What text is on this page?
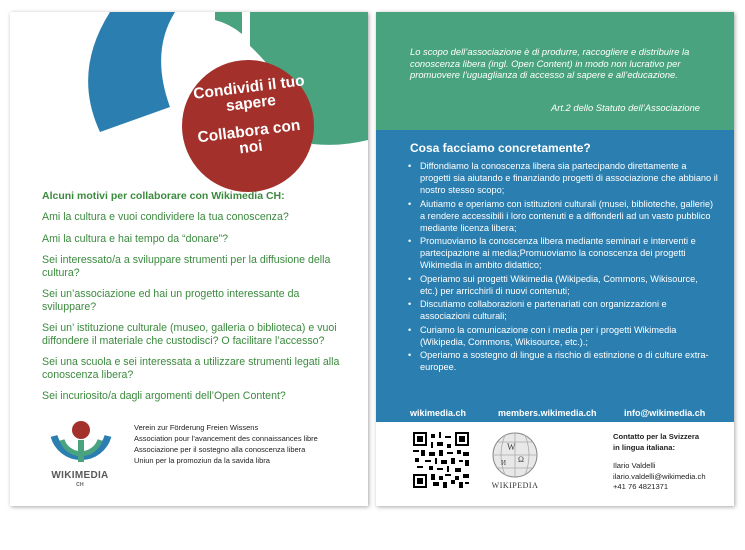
Condividi il tuo sapere
Collabora con noi
Alcuni motivi per collaborare con Wikimedia CH:
Ami la cultura e vuoi condividere la tua conoscenza?
Ami la cultura e hai tempo da “donare”?
Sei interessato/a a sviluppare strumenti per la diffusione della cultura?
Sei un’associazione ed hai un progetto interessante da sviluppare?
Sei un’ istituzione culturale (museo, galleria o biblioteca) e vuoi diffondere il materiale che custodisci? O facilitare l’accesso?
Sei una scuola e sei interessata a utilizzare strumenti legati alla conoscenza libera?
Sei incuriosito/a dagli argomenti dell’Open Content?
WIKIMEDIA
CH
Verein zur Förderung Freien Wissens
Association pour l’avancement des connaissances libre
Associazione per il sostegno alla conoscenza libera
Uniun per la promoziun da la savida libra
Lo scopo dell’associazione è di produrre, raccogliere e distribuire la conoscenza libera (ingl. Open Content) in modo non lucrativo per promuovere l’uguaglianza di accesso al sapere e all’educazione.
Art.2 dello Statuto dell’Associazione
Cosa facciamo concretamente?
• Diffondiamo la conoscenza libera sia partecipando direttamente a progetti sia aiutando e finanziando progetti di associazione che abbiano il nostro stesso scopo;
• Aiutiamo e operiamo con istituzioni culturali (musei, biblioteche, gallerie) a rendere accessibili i loro contenuti e a diffonderli ad un vasto pubblico mediante licenza libera;
• Promuoviamo la conoscenza libera mediante seminari e interventi e partecipazione ai media;Promuoviamo la conoscenza dei progetti Wikimedia in ambito didattico;
• Operiamo sui progetti Wikimedia (Wikipedia, Commons, Wikisource, etc.) per arricchirli di nuovi contenuti;
• Discutiamo collaborazioni e partenariati con organizzazioni e associazioni culturali;
• Curiamo la comunicazione con i media per i progetti Wikimedia (Wikipedia, Commons, Wikisource, etc.).;
• Operiamo a sostegno di lingue a rischio di estinzione o di culture extra-europee.
wikimedia.ch	members.wikimedia.ch	info@wikimedia.ch
W
Ω
И
WIKIPEDIA
Contatto per la Svizzera
in lingua italiana:
Ilario Valdelli
ilario.valdelli@wikimedia.ch
+41 76 4821371
